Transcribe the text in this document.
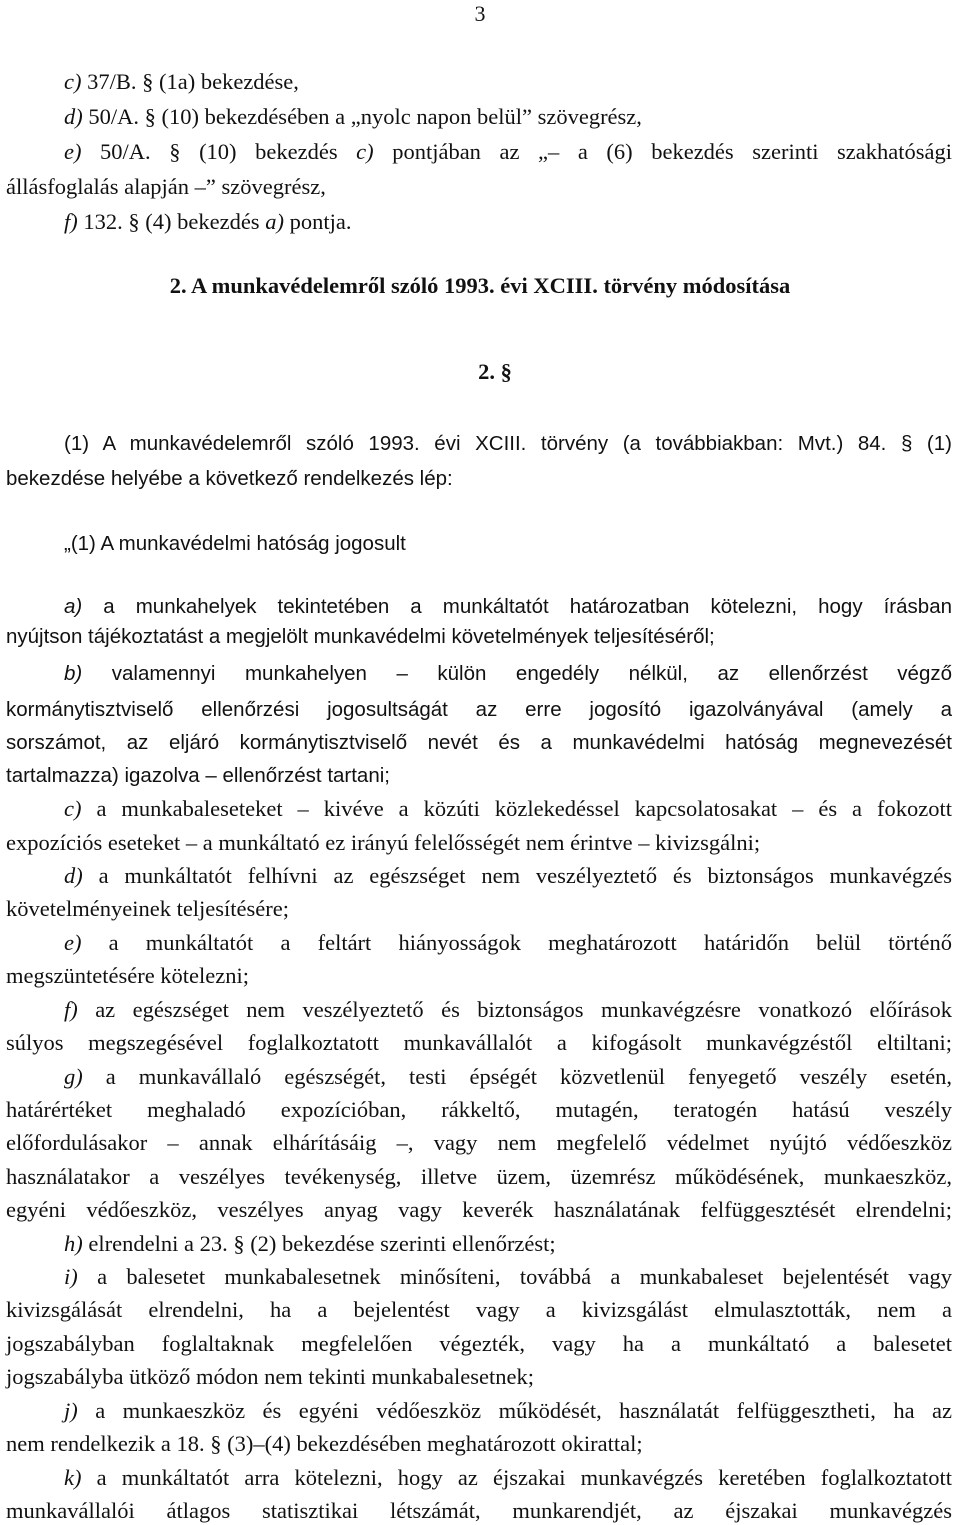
3
c) 37/B. § (1a) bekezdése,
d) 50/A. § (10) bekezdésében a „nyolc napon belül” szövegrész,
e) 50/A. § (10) bekezdés c) pontjában az „– a (6) bekezdés szerinti szakhatósági
állásfoglalás alapján –” szövegrész,
f) 132. § (4) bekezdés a) pontja.
2. A munkavédelemről szóló 1993. évi XCIII. törvény módosítása
2. §
(1) A munkavédelemről szóló 1993. évi XCIII. törvény (a továbbiakban: Mvt.) 84. § (1)
bekezdése helyébe a következő rendelkezés lép:
„(1) A munkavédelmi hatóság jogosult
a) a munkahelyek tekintetében a munkáltatót határozatban kötelezni, hogy írásban
nyújtson tájékoztatást a megjelölt munkavédelmi követelmények teljesítéséről;
b) valamennyi munkahelyen – külön engedély nélkül, az ellenőrzést végző
kormánytisztviselő ellenőrzési jogosultságát az erre jogosító igazolványával (amely a
sorszámot, az eljáró kormánytisztviselő nevét és a munkavédelmi hatóság megnevezését
tartalmazza) igazolva – ellenőrzést tartani;
c) a munkabaleseteket – kivéve a közúti közlekedéssel kapcsolatosakat – és a fokozott
expozíciós eseteket – a munkáltató ez irányú felelősségét nem érintve – kivizsgálni;
d) a munkáltatót felhívni az egészséget nem veszélyeztető és biztonságos munkavégzés
követelményeinek teljesítésére;
e) a munkáltatót a feltárt hiányosságok meghatározott határidőn belül történő
megszüntetésére kötelezni;
f) az egészséget nem veszélyeztető és biztonságos munkavégzésre vonatkozó előírások
súlyos megszegésével foglalkoztatott munkavállalót a kifogásolt munkavégzéstől eltiltani;
g) a munkavállaló egészségét, testi épségét közvetlenül fenyegető veszély esetén,
határértéket meghaladó expozícióban, rákkeltő, mutagén, teratogén hatású veszély
előfordulásakor – annak elhárításáig –, vagy nem megfelelő védelmet nyújtó védőeszköz
használatakor a veszélyes tevékenység, illetve üzem, üzemrész működésének, munkaeszköz,
egyéni védőeszköz, veszélyes anyag vagy keverék használatának felfüggesztését elrendelni;
h) elrendelni a 23. § (2) bekezdése szerinti ellenőrzést;
i) a balesetet munkabalesetnek minősíteni, továbbá a munkabaleset bejelentését vagy
kivizsgálását elrendelni, ha a bejelentést vagy a kivizsgálást elmulasztották, nem a
jogszabályban foglaltaknak megfelelően végezték, vagy ha a munkáltató a balesetet
jogszabályba ütköző módon nem tekinti munkabalesetnek;
j) a munkaeszköz és egyéni védőeszköz működését, használatát felfüggesztheti, ha az
nem rendelkezik a 18. § (3)–(4) bekezdésében meghatározott okirattal;
k) a munkáltatót arra kötelezni, hogy az éjszakai munkavégzés keretében foglalkoztatott
munkavállalói átlagos statisztikai létszámát, munkarendjét, az éjszakai munkavégzés
